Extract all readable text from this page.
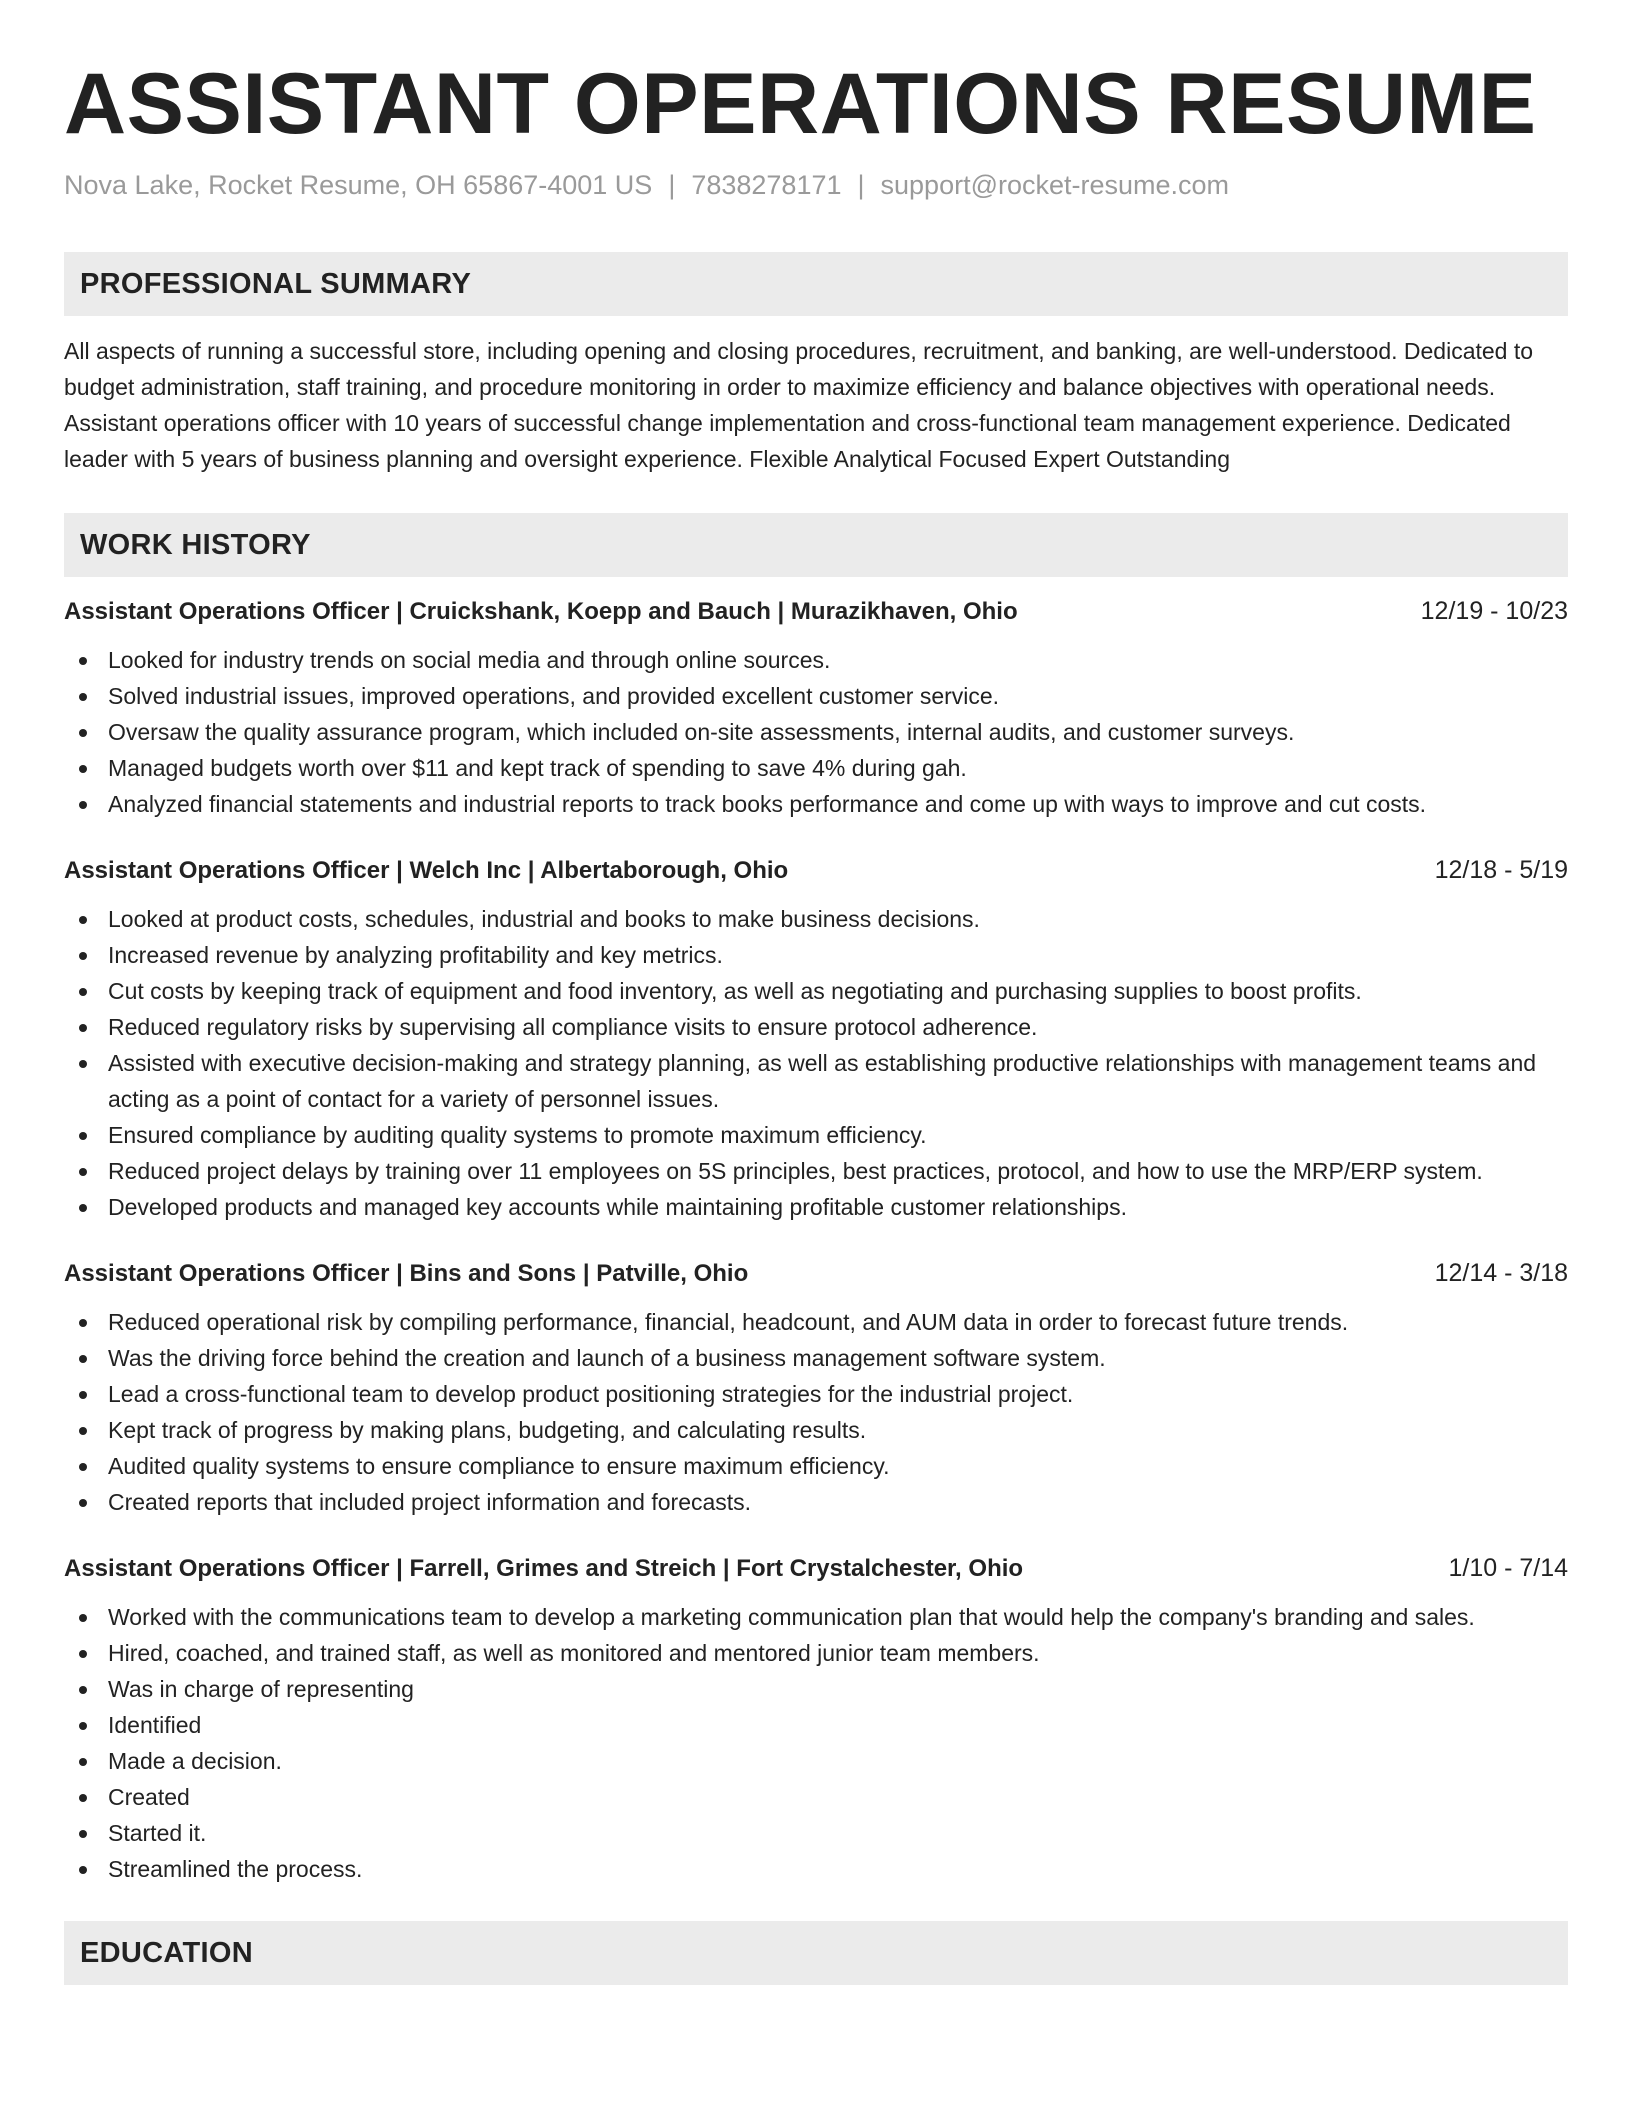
ASSISTANT OPERATIONS RESUME
Nova Lake, Rocket Resume, OH 65867-4001 US | 7838278171 | support@rocket-resume.com
PROFESSIONAL SUMMARY
All aspects of running a successful store, including opening and closing procedures, recruitment, and banking, are well-understood. Dedicated to budget administration, staff training, and procedure monitoring in order to maximize efficiency and balance objectives with operational needs. Assistant operations officer with 10 years of successful change implementation and cross-functional team management experience. Dedicated leader with 5 years of business planning and oversight experience. Flexible Analytical Focused Expert Outstanding
WORK HISTORY
Assistant Operations Officer | Cruickshank, Koepp and Bauch | Murazikhaven, Ohio	12/19 - 10/23
Looked for industry trends on social media and through online sources.
Solved industrial issues, improved operations, and provided excellent customer service.
Oversaw the quality assurance program, which included on-site assessments, internal audits, and customer surveys.
Managed budgets worth over $11 and kept track of spending to save 4% during gah.
Analyzed financial statements and industrial reports to track books performance and come up with ways to improve and cut costs.
Assistant Operations Officer | Welch Inc | Albertaborough, Ohio	12/18 - 5/19
Looked at product costs, schedules, industrial and books to make business decisions.
Increased revenue by analyzing profitability and key metrics.
Cut costs by keeping track of equipment and food inventory, as well as negotiating and purchasing supplies to boost profits.
Reduced regulatory risks by supervising all compliance visits to ensure protocol adherence.
Assisted with executive decision-making and strategy planning, as well as establishing productive relationships with management teams and acting as a point of contact for a variety of personnel issues.
Ensured compliance by auditing quality systems to promote maximum efficiency.
Reduced project delays by training over 11 employees on 5S principles, best practices, protocol, and how to use the MRP/ERP system.
Developed products and managed key accounts while maintaining profitable customer relationships.
Assistant Operations Officer | Bins and Sons | Patville, Ohio	12/14 - 3/18
Reduced operational risk by compiling performance, financial, headcount, and AUM data in order to forecast future trends.
Was the driving force behind the creation and launch of a business management software system.
Lead a cross-functional team to develop product positioning strategies for the industrial project.
Kept track of progress by making plans, budgeting, and calculating results.
Audited quality systems to ensure compliance to ensure maximum efficiency.
Created reports that included project information and forecasts.
Assistant Operations Officer | Farrell, Grimes and Streich | Fort Crystalchester, Ohio	1/10 - 7/14
Worked with the communications team to develop a marketing communication plan that would help the company's branding and sales.
Hired, coached, and trained staff, as well as monitored and mentored junior team members.
Was in charge of representing
Identified
Made a decision.
Created
Started it.
Streamlined the process.
EDUCATION
